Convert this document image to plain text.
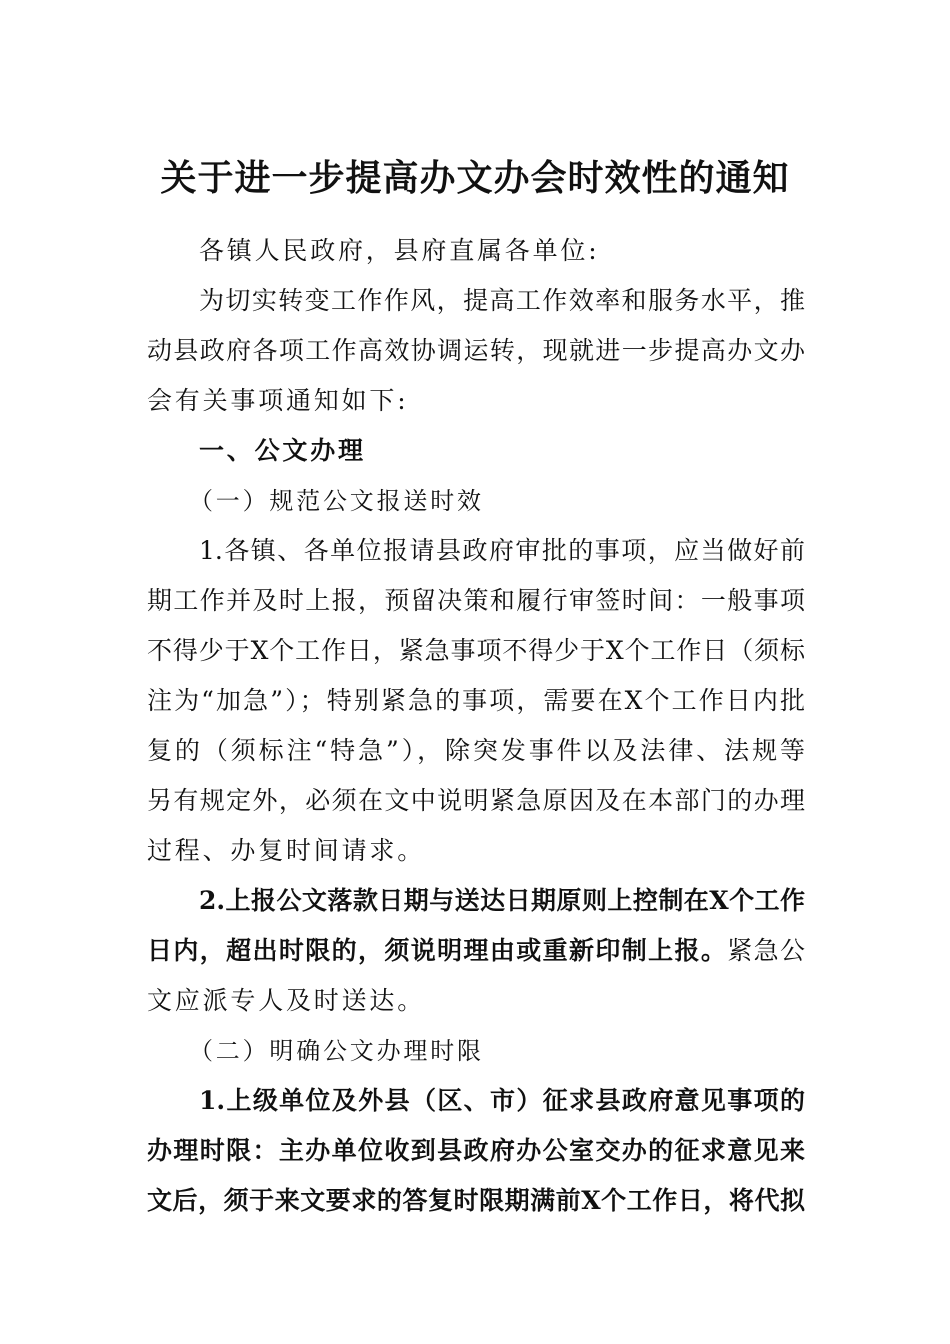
关于进一步提高办文办会时效性的通知
各镇人民政府，县府直属各单位:
为切实转变工作作风，提高工作效率和服务水平，推
动县政府各项工作高效协调运转，现就进一步提高办文办
会有关事项通知如下:
一、公文办理
（一）规范公文报送时效
1.各镇、各单位报请县政府审批的事项，应当做好前
期工作并及时上报，预留决策和履行审签时间：一般事项
不得少于X个工作日，紧急事项不得少于X个工作日（须标
注为“加急”）；特别紧急的事项，需要在X个工作日内批
复的（须标注“特急”），除突发事件以及法律、法规等
另有规定外，必须在文中说明紧急原因及在本部门的办理
过程、办复时间请求。
2.上报公文落款日期与送达日期原则上控制在X个工作
日内，超出时限的，须说明理由或重新印制上报。紧急公
文应派专人及时送达。
（二）明确公文办理时限
1.上级单位及外县（区、市）征求县政府意见事项的
办理时限：主办单位收到县政府办公室交办的征求意见来
文后，须于来文要求的答复时限期满前X个工作日，将代拟
